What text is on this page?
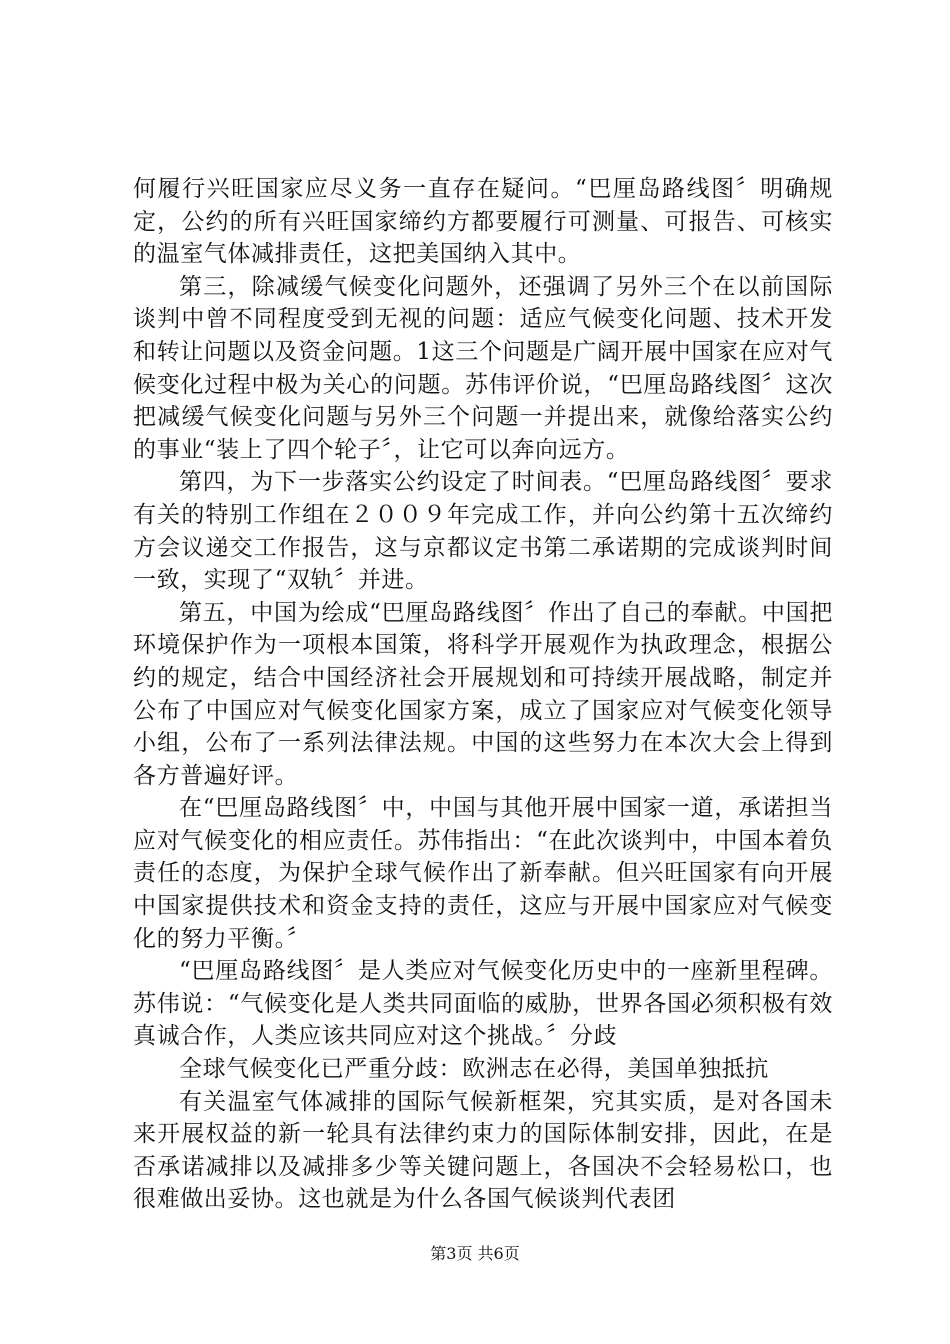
何履行兴旺国家应尽义务一直存在疑问。“巴厘岛路线图〞明确规定，公约的所有兴旺国家缔约方都要履行可测量、可报告、可核实的温室气体减排责任，这把美国纳入其中。

第三，除减缓气候变化问题外，还强调了另外三个在以前国际谈判中曾不同程度受到无视的问题：适应气候变化问题、技术开发和转让问题以及资金问题。1这三个问题是广阔开展中国家在应对气候变化过程中极为关心的问题。苏伟评价说，“巴厘岛路线图〞这次把减缓气候变化问题与另外三个问题一并提出来，就像给落实公约的事业“装上了四个轮子〞，让它可以奔向远方。

第四，为下一步落实公约设定了时间表。“巴厘岛路线图〞要求有关的特别工作组在２００９年完成工作，并向公约第十五次缔约方会议递交工作报告，这与京都议定书第二承诺期的完成谈判时间一致，实现了“双轨〞并进。

第五，中国为绘成“巴厘岛路线图〞作出了自己的奉献。中国把环境保护作为一项根本国策，将科学开展观作为执政理念，根据公约的规定，结合中国经济社会开展规划和可持续开展战略，制定并公布了中国应对气候变化国家方案，成立了国家应对气候变化领导小组，公布了一系列法律法规。中国的这些努力在本次大会上得到各方普遍好评。

在“巴厘岛路线图〞中，中国与其他开展中国家一道，承诺担当应对气候变化的相应责任。苏伟指出：“在此次谈判中，中国本着负责任的态度，为保护全球气候作出了新奉献。但兴旺国家有向开展中国家提供技术和资金支持的责任，这应与开展中国家应对气候变化的努力平衡。〞

“巴厘岛路线图〞是人类应对气候变化历史中的一座新里程碑。苏伟说：“气候变化是人类共同面临的威胁，世界各国必须积极有效真诚合作，人类应该共同应对这个挑战。〞分歧

全球气候变化已严重分歧：欧洲志在必得，美国单独抵抗

有关温室气体减排的国际气候新框架，究其实质，是对各国未来开展权益的新一轮具有法律约束力的国际体制安排，因此，在是否承诺减排以及减排多少等关键问题上，各国决不会轻易松口，也很难做出妥协。这也就是为什么各国气候谈判代表团

第3页 共6页
